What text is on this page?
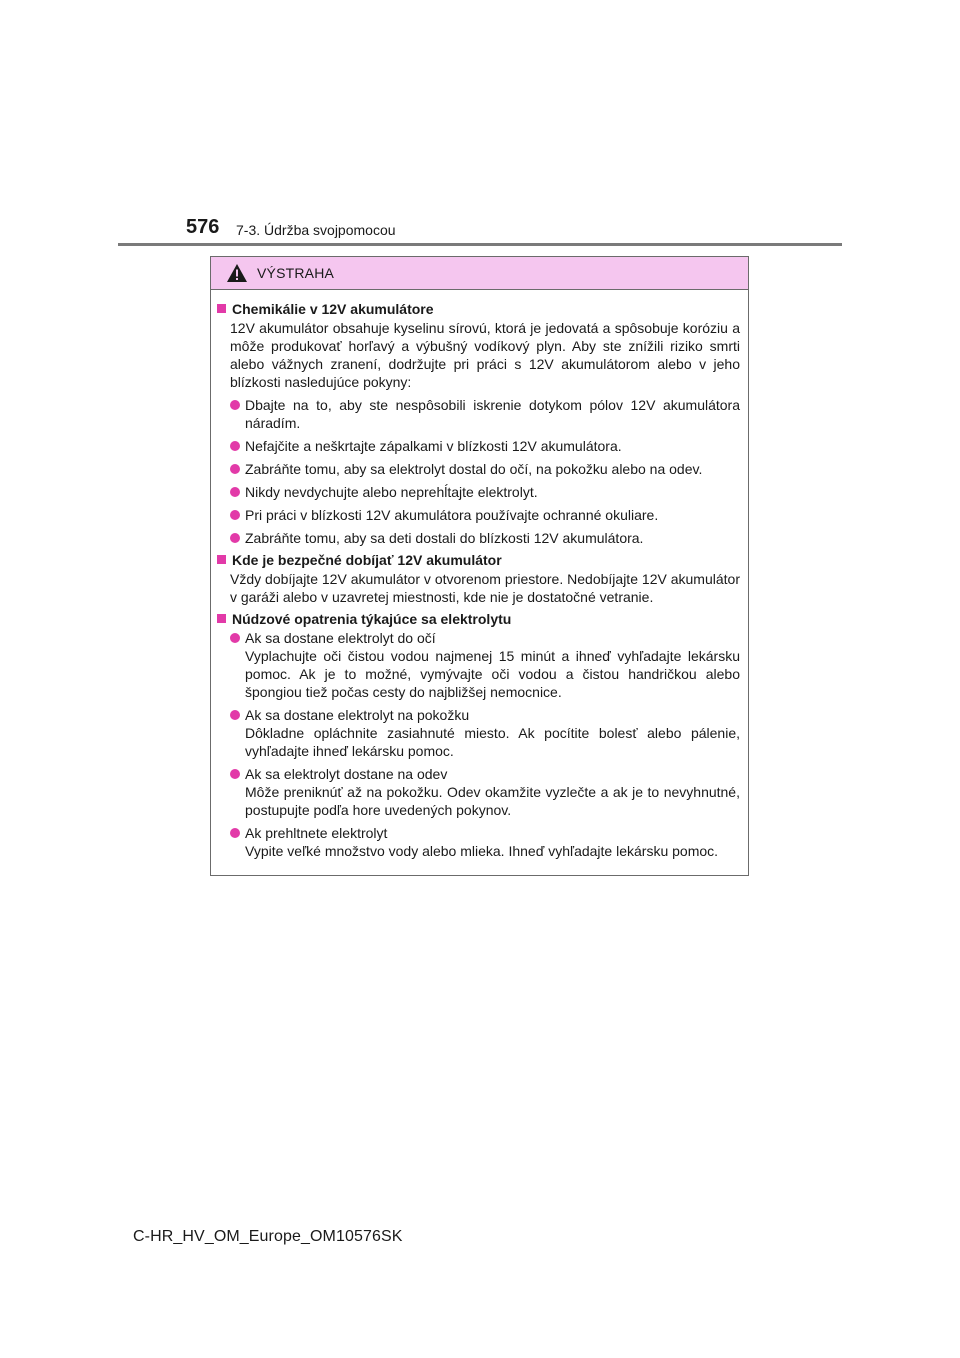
576 7-3. Údržba svojpomocou
VÝSTRAHA
Chemikálie v 12V akumulátore
12V akumulátor obsahuje kyselinu sírovú, ktorá je jedovatá a spôsobuje koróziu a môže produkovať horľavý a výbušný vodíkový plyn. Aby ste znížili riziko smrti alebo vážnych zranení, dodržujte pri práci s 12V akumulátorom alebo v jeho blízkosti nasledujúce pokyny:
Dbajte na to, aby ste nespôsobili iskrenie dotykom pólov 12V akumulátora náradím.
Nefajčite a neškrtajte zápalkami v blízkosti 12V akumulátora.
Zabráňte tomu, aby sa elektrolyt dostal do očí, na pokožku alebo na odev.
Nikdy nevdychujte alebo neprehĺtajte elektrolyt.
Pri práci v blízkosti 12V akumulátora používajte ochranné okuliare.
Zabráňte tomu, aby sa deti dostali do blízkosti 12V akumulátora.
Kde je bezpečné dobíjať 12V akumulátor
Vždy dobíjajte 12V akumulátor v otvorenom priestore. Nedobíjajte 12V akumulátor v garáži alebo v uzavretej miestnosti, kde nie je dostatočné vetranie.
Núdzové opatrenia týkajúce sa elektrolytu
Ak sa dostane elektrolyt do očí
Vyplachujte oči čistou vodou najmenej 15 minút a ihneď vyhľadajte lekársku pomoc. Ak je to možné, vymývajte oči vodou a čistou handričkou alebo špongiou tiež počas cesty do najbližšej nemocnice.
Ak sa dostane elektrolyt na pokožku
Dôkladne opláchnite zasiahnuté miesto. Ak pocítite bolesť alebo pálenie, vyhľadajte ihneď lekársku pomoc.
Ak sa elektrolyt dostane na odev
Môže preniknúť až na pokožku. Odev okamžite vyzlečte a ak je to nevyhnutné, postupujte podľa hore uvedených pokynov.
Ak prehltnete elektrolyt
Vypite veľké množstvo vody alebo mlieka. Ihneď vyhľadajte lekársku pomoc.
C-HR_HV_OM_Europe_OM10576SK
